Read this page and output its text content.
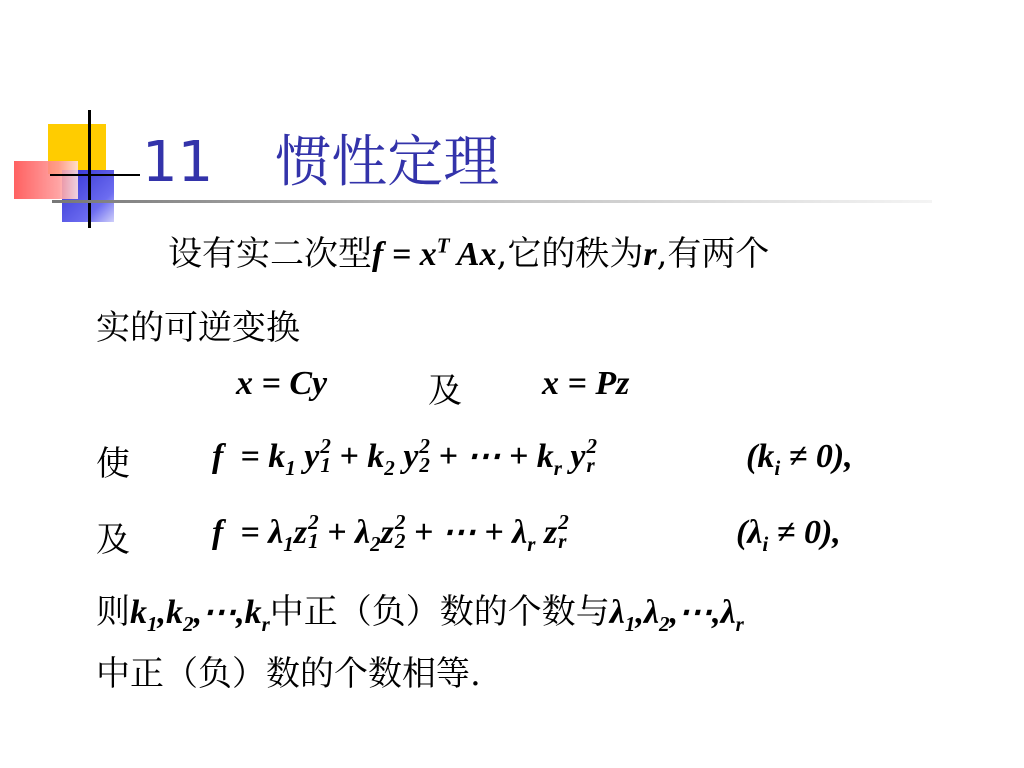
11 惯性定理
设有实二次型$f = x^T$ Ax,它的秩为r,有两个
实的可逆变换
x = Cy	及 x = Pz
使 $f = k_1$ y 2
$1 + k_2$ y 2
2 + ⋯ + $k_r$ y 2
r	$(k_i \ne 0)$,
及 $f = \lambda_1z$ 2
$1 + \lambda_2z$ 2
2 + ⋯ + $\lambda_r$ z 2
r	$(\lambda_i \ne 0)$,
则$k_1,k_2,\cdots,k_r$中正（负）数的个数与$\lambda_1,\lambda_2,\cdots,\lambda_r$
中正（负）数的个数相等.
